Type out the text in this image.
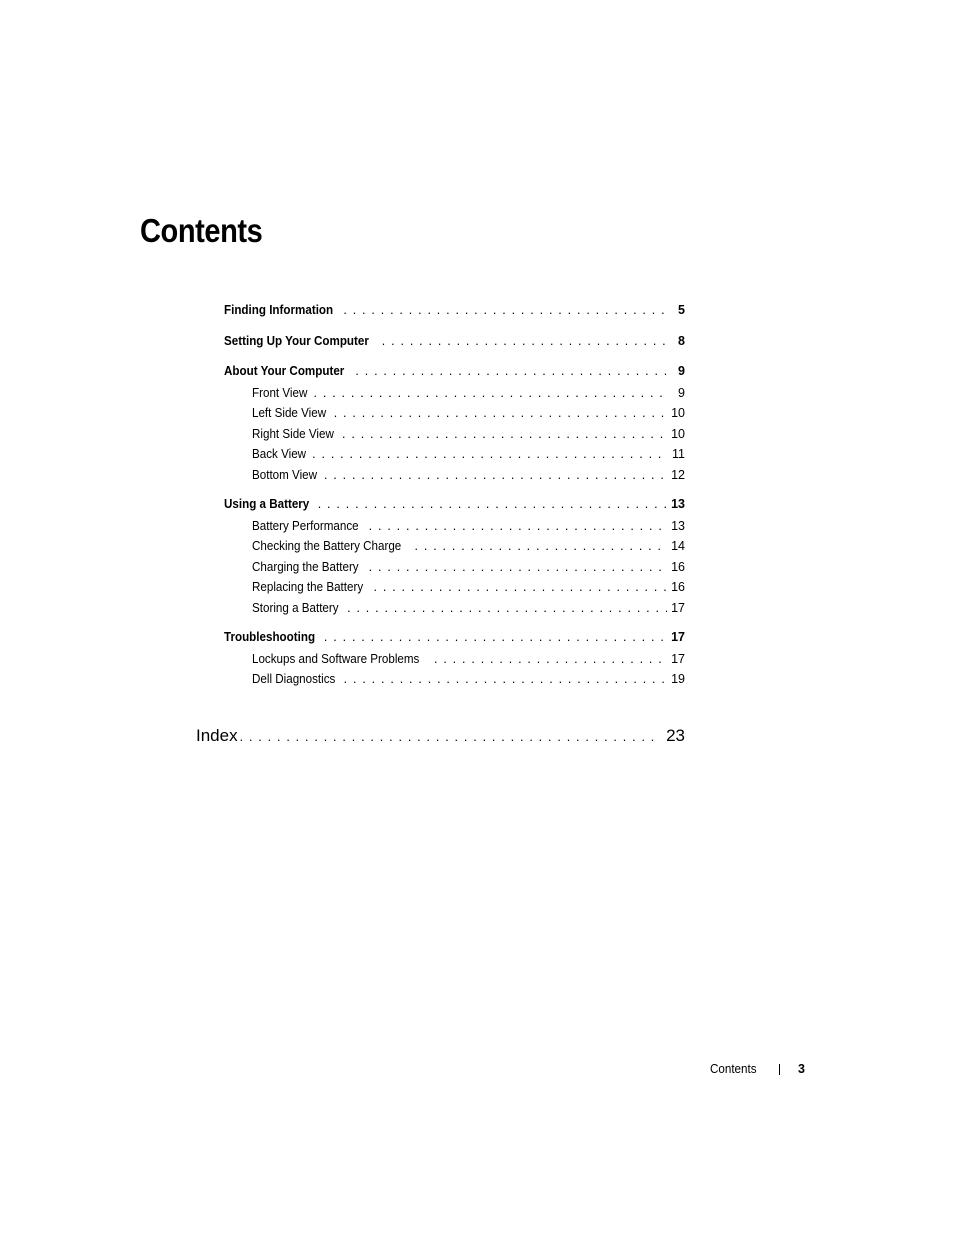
Contents
Finding Information . . .	5
Setting Up Your Computer . . .	8
About Your Computer . . .	9
Front View . . .	9
Left Side View . . .	10
Right Side View . . .	10
Back View . . .	11
Bottom View . . .	12
Using a Battery . . .	13
Battery Performance . . .	13
Checking the Battery Charge . . .	14
Charging the Battery . . .	16
Replacing the Battery . . .	16
Storing a Battery . . .	17
Troubleshooting . . .	17
Lockups and Software Problems . . .	17
Dell Diagnostics . . .	19
Index . . .	23
Contents	3
